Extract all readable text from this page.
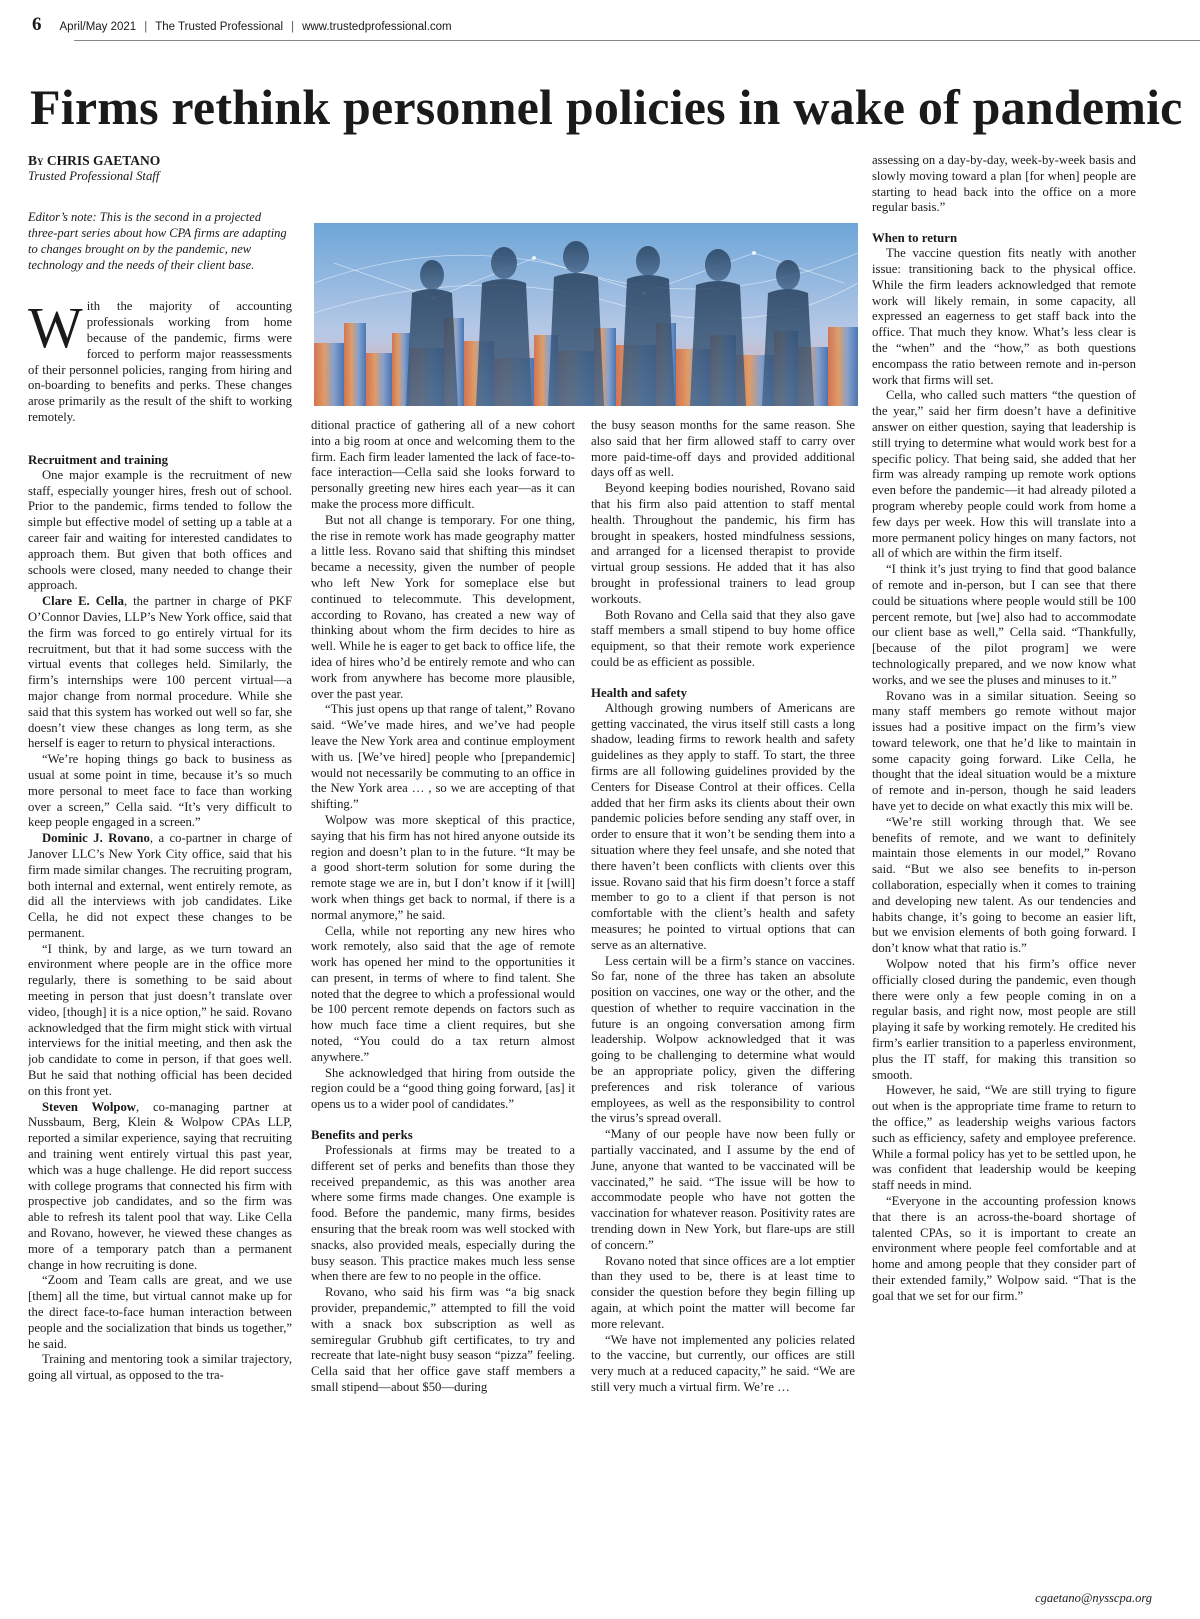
6 April/May 2021 | The Trusted Professional | www.trustedprofessional.com
Firms rethink personnel policies in wake of pandemic
By CHRIS GAETANO
Trusted Professional Staff
Editor’s note: This is the second in a projected three-part series about how CPA firms are adapting to changes brought on by the pandemic, new technology and the needs of their client base.

With the majority of accounting professionals working from home because of the pandemic, firms were forced to perform major reassessments of their personnel policies, ranging from hiring and on-boarding to benefits and perks. These changes arose primarily as the result of the shift to working remotely.

Recruitment and training

One major example is the recruitment of new staff, especially younger hires, fresh out of school. Prior to the pandemic, firms tended to follow the simple but effective model of setting up a table at a career fair and waiting for interested candidates to approach them. But given that both offices and schools were closed, many needed to change their approach.

Clare E. Cella, the partner in charge of PKF O’Connor Davies, LLP’s New York office, said that the firm was forced to go entirely virtual for its recruitment, but that it had some success with the virtual events that colleges held. Similarly, the firm’s internships were 100 percent virtual—a major change from normal procedure. While she said that this system has worked out well so far, she doesn’t view these changes as long term, as she herself is eager to return to physical interactions.

“We’re hoping things go back to business as usual at some point in time, because it’s so much more personal to meet face to face than working over a screen,” Cella said. “It’s very difficult to keep people engaged in a screen.”

Dominic J. Rovano, a co-partner in charge of Janover LLC’s New York City office, said that his firm made similar changes. The recruiting program, both internal and external, went entirely remote, as did all the interviews with job candidates. Like Cella, he did not expect these changes to be permanent.

“I think, by and large, as we turn toward an environment where people are in the office more regularly, there is something to be said about meeting in person that just doesn’t translate over video, [though] it is a nice option,” he said. Rovano acknowledged that the firm might stick with virtual interviews for the initial meeting, and then ask the job candidate to come in person, if that goes well. But he said that nothing official has been decided on this front yet.

Steven Wolpow, co-managing partner at Nussbaum, Berg, Klein & Wolpow CPAs LLP, reported a similar experience, saying that recruiting and training went entirely virtual this past year, which was a huge challenge. He did report success with college programs that connected his firm with prospective job candidates, and so the firm was able to refresh its talent pool that way. Like Cella and Rovano, however, he viewed these changes as more of a temporary patch than a permanent change in how recruiting is done.

“Zoom and Team calls are great, and we use [them] all the time, but virtual cannot make up for the direct face-to-face human interaction between people and the socialization that binds us together,” he said.

Training and mentoring took a similar trajectory, going all virtual, as opposed to the tra-

ditional practice of gathering all of a new cohort into a big room at once and welcoming them to the firm. Each firm leader lamented the lack of face-to-face interaction—Cella said she looks forward to personally greeting new hires each year—as it can make the process more difficult.

But not all change is temporary. For one thing, the rise in remote work has made geography matter a little less. Rovano said that shifting this mindset became a necessity, given the number of people who left New York for someplace else but continued to telecommute. This development, according to Rovano, has created a new way of thinking about whom the firm decides to hire as well. While he is eager to get back to office life, the idea of hires who’d be entirely remote and who can work from anywhere has become more plausible, over the past year.

“This just opens up that range of talent,” Rovano said. “We’ve made hires, and we’ve had people leave the New York area and continue employment with us. [We’ve hired] people who [prepandemic] would not necessarily be commuting to an office in the New York area … , so we are accepting of that shifting.”

Wolpow was more skeptical of this practice, saying that his firm has not hired anyone outside its region and doesn’t plan to in the future. “It may be a good short-term solution for some during the remote stage we are in, but I don’t know if it [will] work when things get back to normal, if there is a normal anymore,” he said.

Cella, while not reporting any new hires who work remotely, also said that the age of remote work has opened her mind to the opportunities it can present, in terms of where to find talent. She noted that the degree to which a professional would be 100 percent remote depends on factors such as how much face time a client requires, but she noted, “You could do a tax return almost anywhere.”

She acknowledged that hiring from outside the region could be a “good thing going forward, [as] it opens us to a wider pool of candidates.”

Benefits and perks

Professionals at firms may be treated to a different set of perks and benefits than those they received prepandemic, as this was another area where some firms made changes. One example is food. Before the pandemic, many firms, besides ensuring that the break room was well stocked with snacks, also provided meals, especially during the busy season. This practice makes much less sense when there are few to no people in the office.

Rovano, who said his firm was “a big snack provider, prepandemic,” attempted to fill the void with a snack box subscription as well as semiregular Grubhub gift certificates, to try and recreate that late-night busy season “pizza” feeling. Cella said that her office gave staff members a small stipend—about $50—during

the busy season months for the same reason. She also said that her firm allowed staff to carry over more paid-time-off days and provided additional days off as well.

Beyond keeping bodies nourished, Rovano said that his firm also paid attention to staff mental health. Throughout the pandemic, his firm has brought in speakers, hosted mindfulness sessions, and arranged for a licensed therapist to provide virtual group sessions. He added that it has also brought in professional trainers to lead group workouts.

Both Rovano and Cella said that they also gave staff members a small stipend to buy home office equipment, so that their remote work experience could be as efficient as possible.

Health and safety

Although growing numbers of Americans are getting vaccinated, the virus itself still casts a long shadow, leading firms to rework health and safety guidelines as they apply to staff. To start, the three firms are all following guidelines provided by the Centers for Disease Control at their offices. Cella added that her firm asks its clients about their own pandemic policies before sending any staff over, in order to ensure that it won’t be sending them into a situation where they feel unsafe, and she noted that there haven’t been conflicts with clients over this issue. Rovano said that his firm doesn’t force a staff member to go to a client if that person is not comfortable with the client’s health and safety measures; he pointed to virtual options that can serve as an alternative.

Less certain will be a firm’s stance on vaccines. So far, none of the three has taken an absolute position on vaccines, one way or the other, and the question of whether to require vaccination in the future is an ongoing conversation among firm leadership. Wolpow acknowledged that it was going to be challenging to determine what would be an appropriate policy, given the differing preferences and risk tolerance of various employees, as well as the responsibility to control the virus’s spread overall.

“Many of our people have now been fully or partially vaccinated, and I assume by the end of June, anyone that wanted to be vaccinated will be vaccinated,” he said. “The issue will be how to accommodate people who have not gotten the vaccination for whatever reason. Positivity rates are trending down in New York, but flare-ups are still of concern.”

Rovano noted that since offices are a lot emptier than they used to be, there is at least time to consider the question before they begin filling up again, at which point the matter will become far more relevant.

“We have not implemented any policies related to the vaccine, but currently, our offices are still very much at a reduced capacity,” he said. “We are still very much a virtual firm. We’re …

assessing on a day-by-day, week-by-week basis and slowly moving toward a plan [for when] people are starting to head back into the office on a more regular basis.”

When to return

The vaccine question fits neatly with another issue: transitioning back to the physical office. While the firm leaders acknowledged that remote work will likely remain, in some capacity, all expressed an eagerness to get staff back into the office. That much they know. What’s less clear is the “when” and the “how,” as both questions encompass the ratio between remote and in-person work that firms will set.

Cella, who called such matters “the question of the year,” said her firm doesn’t have a definitive answer on either question, saying that leadership is still trying to determine what would work best for a specific policy. That being said, she added that her firm was already ramping up remote work options even before the pandemic—it had already piloted a program whereby people could work from home a few days per week. How this will translate into a more permanent policy hinges on many factors, not all of which are within the firm itself.

“I think it’s just trying to find that good balance of remote and in-person, but I can see that there could be situations where people would still be 100 percent remote, but [we] also had to accommodate our client base as well,” Cella said. “Thankfully, [because of the pilot program] we were technologically prepared, and we now know what works, and we see the pluses and minuses to it.”

Rovano was in a similar situation. Seeing so many staff members go remote without major issues had a positive impact on the firm’s view toward telework, one that he’d like to maintain in some capacity going forward. Like Cella, he thought that the ideal situation would be a mixture of remote and in-person, though he said leaders have yet to decide on what exactly this mix will be.

“We’re still working through that. We see benefits of remote, and we want to definitely maintain those elements in our model,” Rovano said. “But we also see benefits to in-person collaboration, especially when it comes to training and developing new talent. As our tendencies and habits change, it’s going to become an easier lift, but we envision elements of both going forward. I don’t know what that ratio is.”

Wolpow noted that his firm’s office never officially closed during the pandemic, even though there were only a few people coming in on a regular basis, and right now, most people are still playing it safe by working remotely. He credited his firm’s earlier transition to a paperless environment, plus the IT staff, for making this transition so smooth.

However, he said, “We are still trying to figure out when is the appropriate time frame to return to the office,” as leadership weighs various factors such as efficiency, safety and employee preference. While a formal policy has yet to be settled upon, he was confident that leadership would be keeping staff needs in mind.

“Everyone in the accounting profession knows that there is an across-the-board shortage of talented CPAs, so it is important to create an environment where people feel comfortable and at home and among people that they consider part of their extended family,” Wolpow said. “That is the goal that we set for our firm.”

cgaetano@nysscpa.org
